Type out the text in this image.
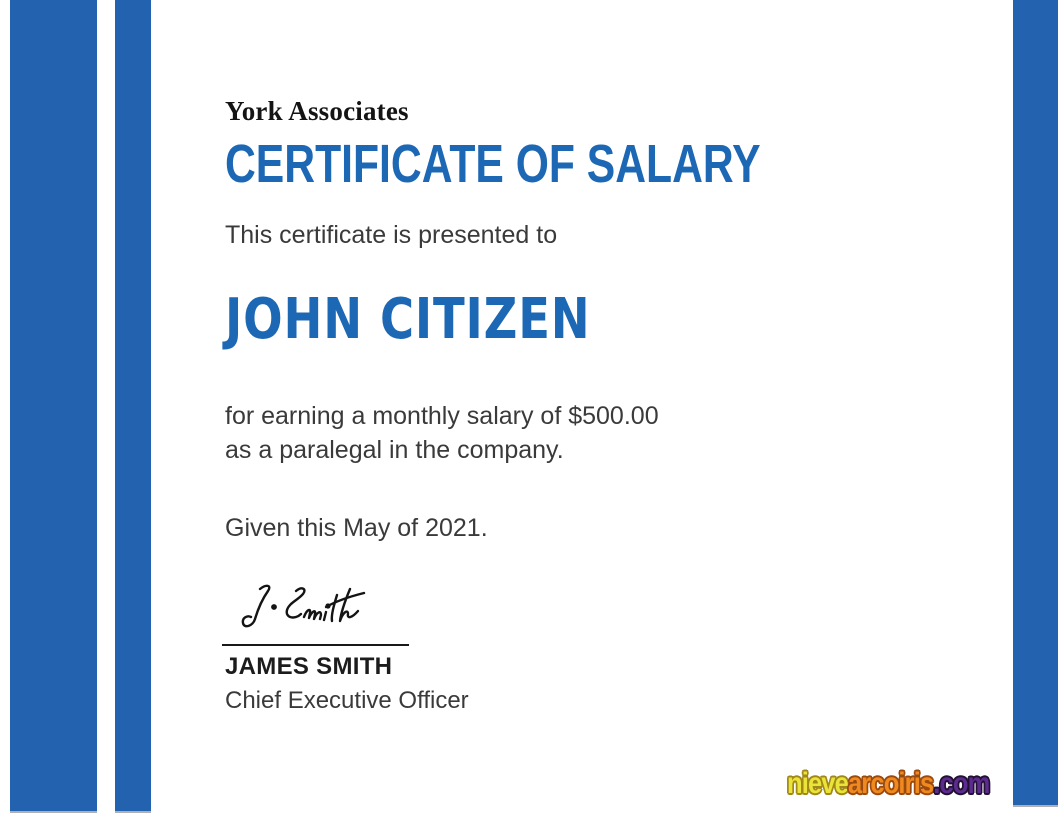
York Associates
CERTIFICATE OF SALARY
This certificate is presented to
JOHN CITIZEN
for earning a monthly salary of $500.00
as a paralegal in the company.
Given this May of 2021.
JAMES SMITH
Chief Executive Officer
nievearcoiris.com
